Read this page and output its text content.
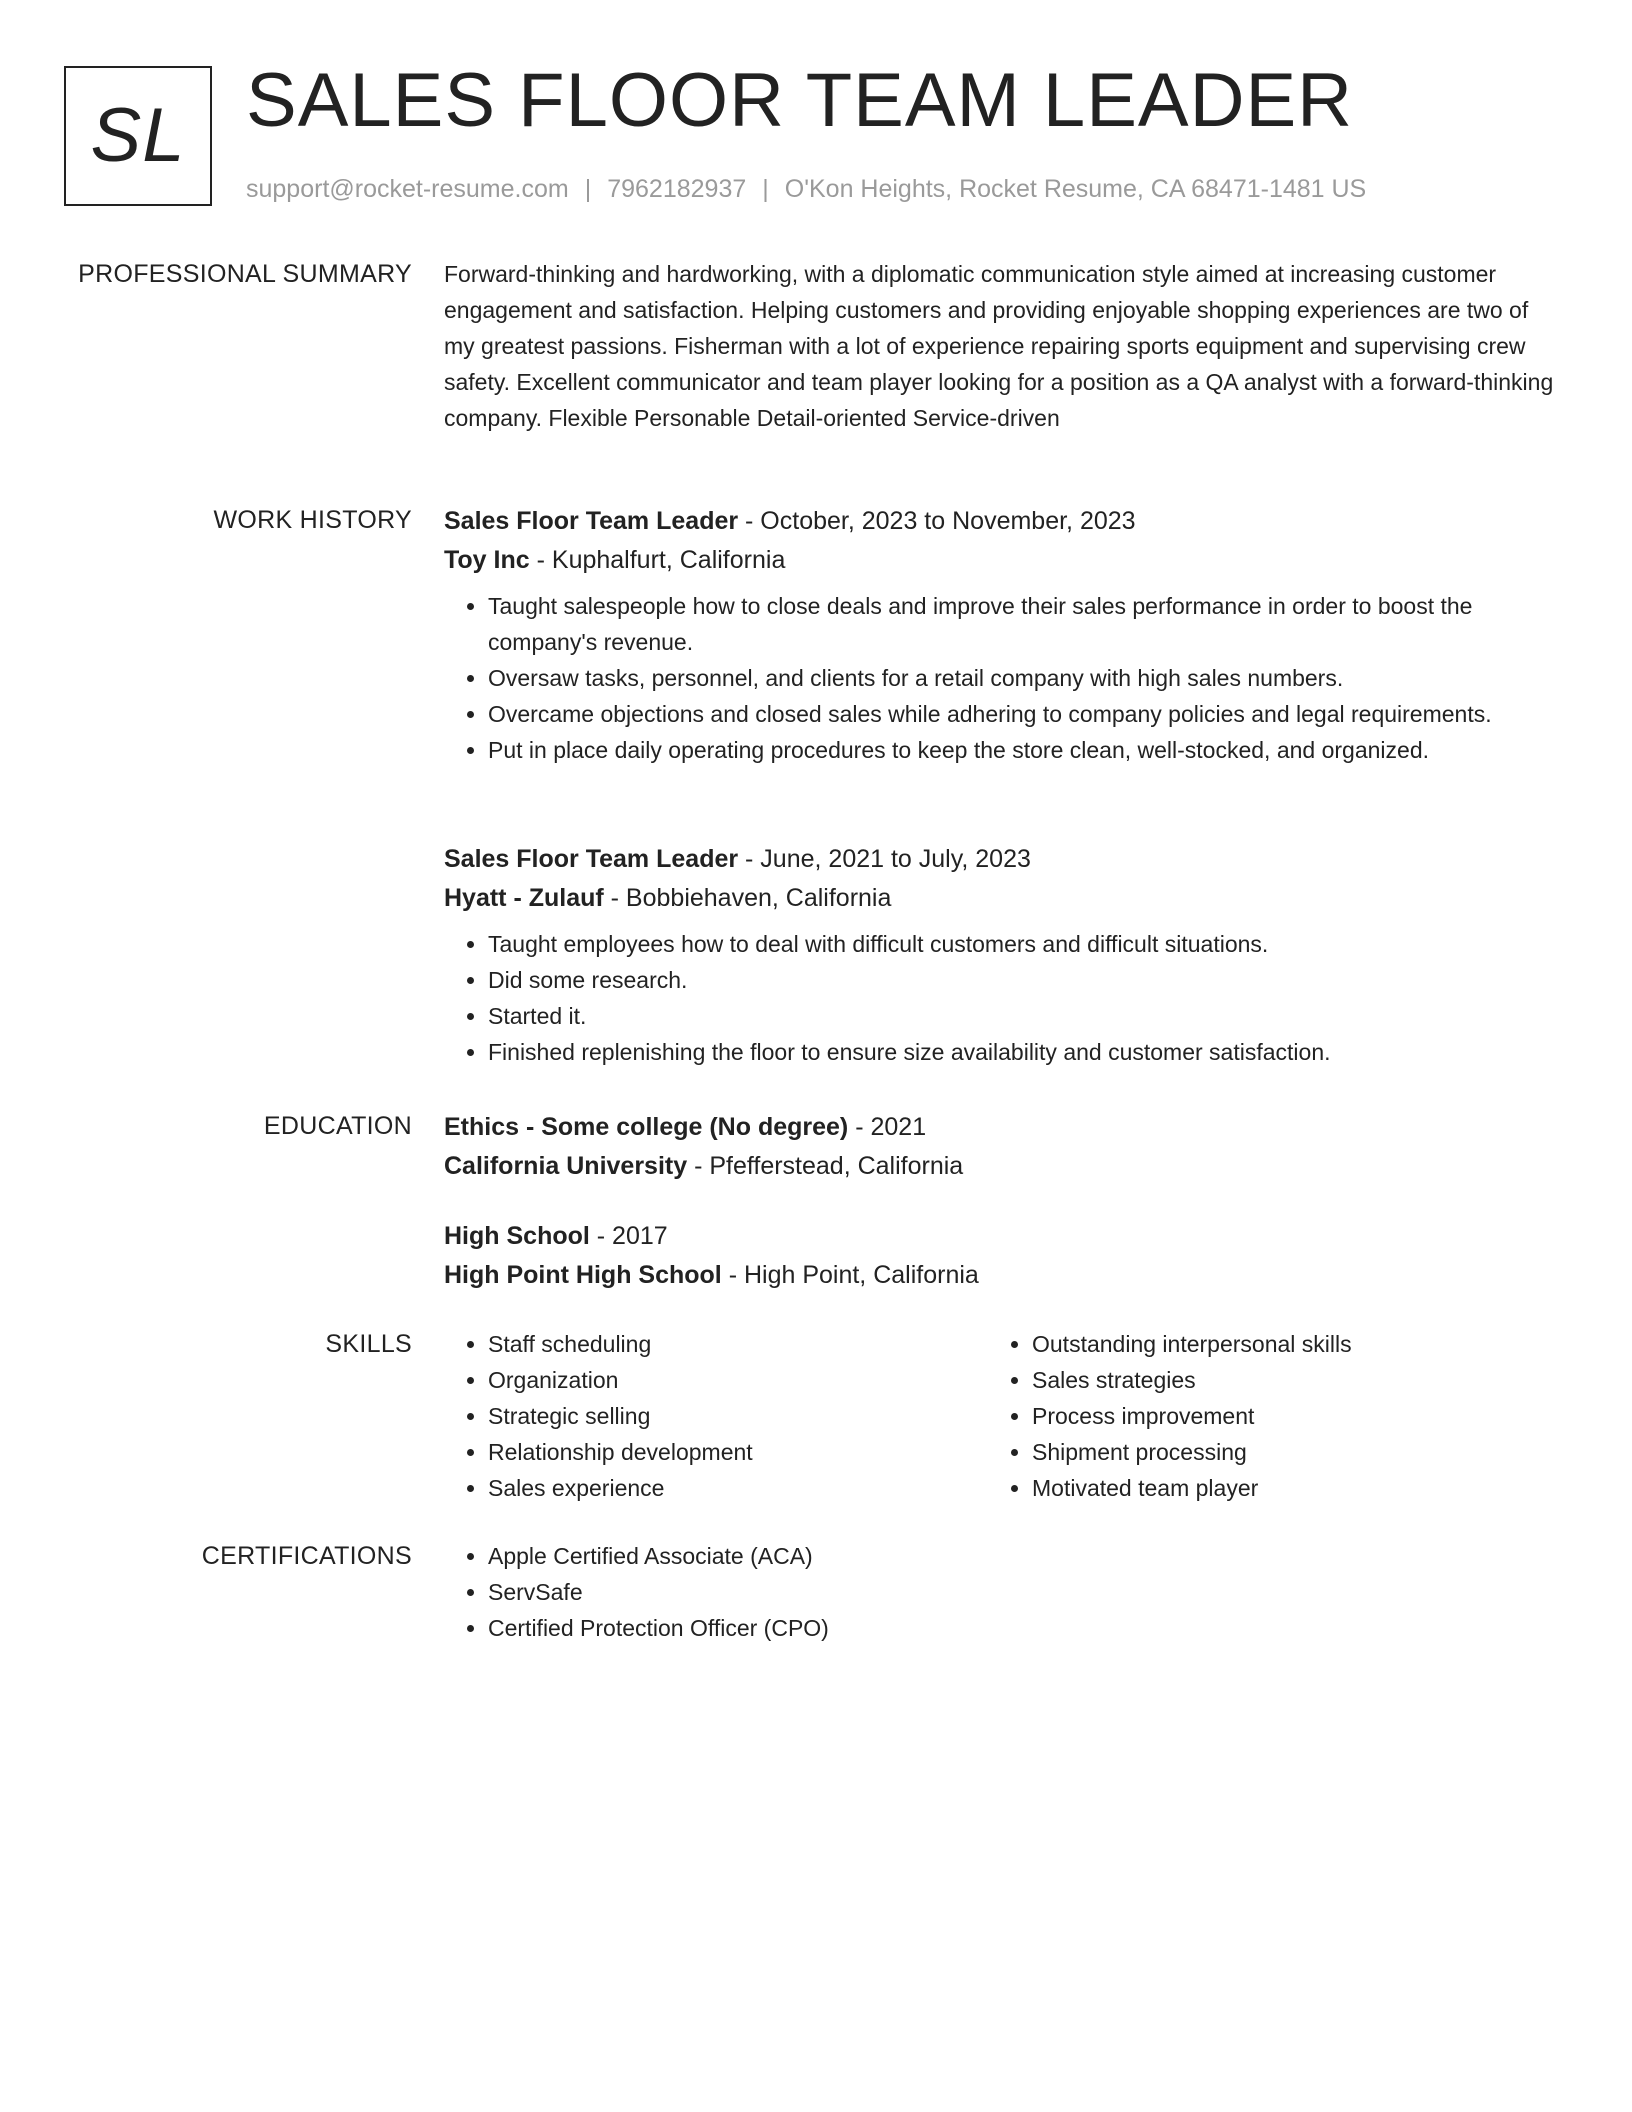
SL SALES FLOOR TEAM LEADER
support@rocket-resume.com | 7962182937 | O'Kon Heights, Rocket Resume, CA 68471-1481 US
PROFESSIONAL SUMMARY Forward-thinking and hardworking, with a diplomatic communication style aimed at increasing customer engagement and satisfaction. Helping customers and providing enjoyable shopping experiences are two of my greatest passions. Fisherman with a lot of experience repairing sports equipment and supervising crew safety. Excellent communicator and team player looking for a position as a QA analyst with a forward-thinking company. Flexible Personable Detail-oriented Service-driven

WORK HISTORY Sales Floor Team Leader - October, 2023 to November, 2023
Toy Inc - Kuphalfurt, California
• Taught salespeople how to close deals and improve their sales performance in order to boost the company's revenue.
• Oversaw tasks, personnel, and clients for a retail company with high sales numbers.
• Overcame objections and closed sales while adhering to company policies and legal requirements.
• Put in place daily operating procedures to keep the store clean, well-stocked, and organized.
Sales Floor Team Leader - June, 2021 to July, 2023
Hyatt - Zulauf - Bobbiehaven, California
• Taught employees how to deal with difficult customers and difficult situations.
• Did some research.
• Started it.
• Finished replenishing the floor to ensure size availability and customer satisfaction.
EDUCATION Ethics - Some college (No degree) - 2021
California University - Pfefferstead, California
High School - 2017
High Point High School - High Point, California
SKILLS	• Staff scheduling
• Organization
• Strategic selling
• Relationship development
• Sales experience
• Outstanding interpersonal skills
• Sales strategies
• Process improvement
• Shipment processing
• Motivated team player
CERTIFICATIONS	• Apple Certified Associate (ACA)
• ServSafe
• Certified Protection Officer (CPO)
